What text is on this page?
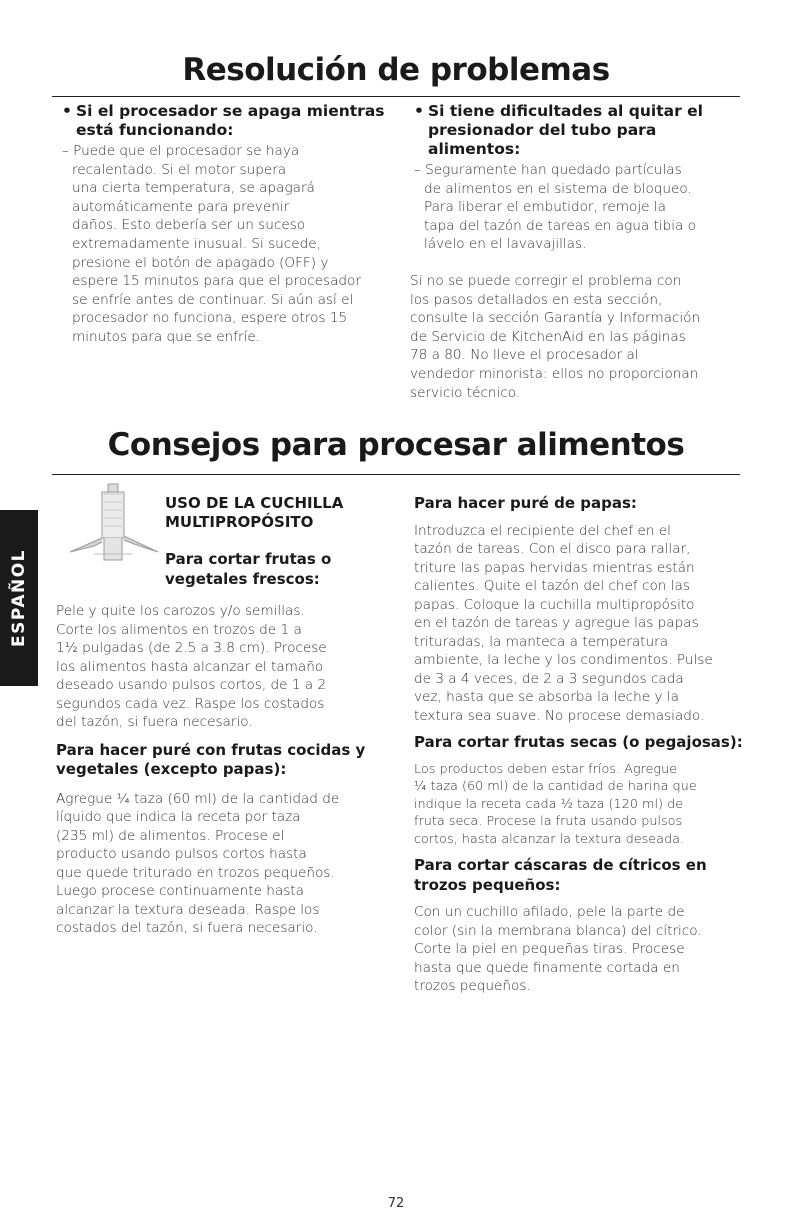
Resolución de problemas
• Si el procesador se apaga mientras
está funcionando:
– Puede que el procesador se haya
recalentado. Si el motor supera
una cierta temperatura, se apagará
automáticamente para prevenir
daños. Esto debería ser un suceso
extremadamente inusual. Si sucede,
presione el botón de apagado (OFF) y
espere 15 minutos para que el procesador
se enfríe antes de continuar. Si aún así el
procesador no funciona, espere otros 15
minutos para que se enfríe.
• Si tiene dificultades al quitar el
presionador del tubo para alimentos:
– Seguramente han quedado partículas
de alimentos en el sistema de bloqueo.
Para liberar el embutidor, remoje la
tapa del tazón de tareas en agua tibia o
lávelo en el lavavajillas.
Si no se puede corregir el problema con
los pasos detallados en esta sección,
consulte la sección Garantía y Información
de Servicio de KitchenAid en las páginas
78 a 80. No lleve el procesador al
vendedor minorista: ellos no proporcionan
servicio técnico.
Consejos para procesar alimentos
ESPAÑOL
USO DE LA CUCHILLA
MULTIPROPÓSITO
Para cortar frutas o
vegetales frescos:
Pele y quite los carozos y/o semillas.
Corte los alimentos en trozos de 1 a
1½ pulgadas (de 2.5 a 3.8 cm). Procese
los alimentos hasta alcanzar el tamaño
deseado usando pulsos cortos, de 1 a 2
segundos cada vez. Raspe los costados
del tazón, si fuera necesario.
Para hacer puré con frutas cocidas y
vegetales (excepto papas):
Agregue ¼ taza (60 ml) de la cantidad de
líquido que indica la receta por taza
(235 ml) de alimentos. Procese el
producto usando pulsos cortos hasta
que quede triturado en trozos pequeños.
Luego procese continuamente hasta
alcanzar la textura deseada. Raspe los
costados del tazón, si fuera necesario.
Para hacer puré de papas:
Introduzca el recipiente del chef en el
tazón de tareas. Con el disco para rallar,
triture las papas hervidas mientras están
calientes. Quite el tazón del chef con las
papas. Coloque la cuchilla multipropósito
en el tazón de tareas y agregue las papas
trituradas, la manteca a temperatura
ambiente, la leche y los condimentos. Pulse
de 3 a 4 veces, de 2 a 3 segundos cada
vez, hasta que se absorba la leche y la
textura sea suave. No procese demasiado.
Para cortar frutas secas (o pegajosas):
Los productos deben estar fríos. Agregue
¼ taza (60 ml) de la cantidad de harina que
indique la receta cada ½ taza (120 ml) de
fruta seca. Procese la fruta usando pulsos
cortos, hasta alcanzar la textura deseada.
Para cortar cáscaras de cítricos en
trozos pequeños:
Con un cuchillo afilado, pele la parte de
color (sin la membrana blanca) del cítrico.
Corte la piel en pequeñas tiras. Procese
hasta que quede finamente cortada en
trozos pequeños.
72
